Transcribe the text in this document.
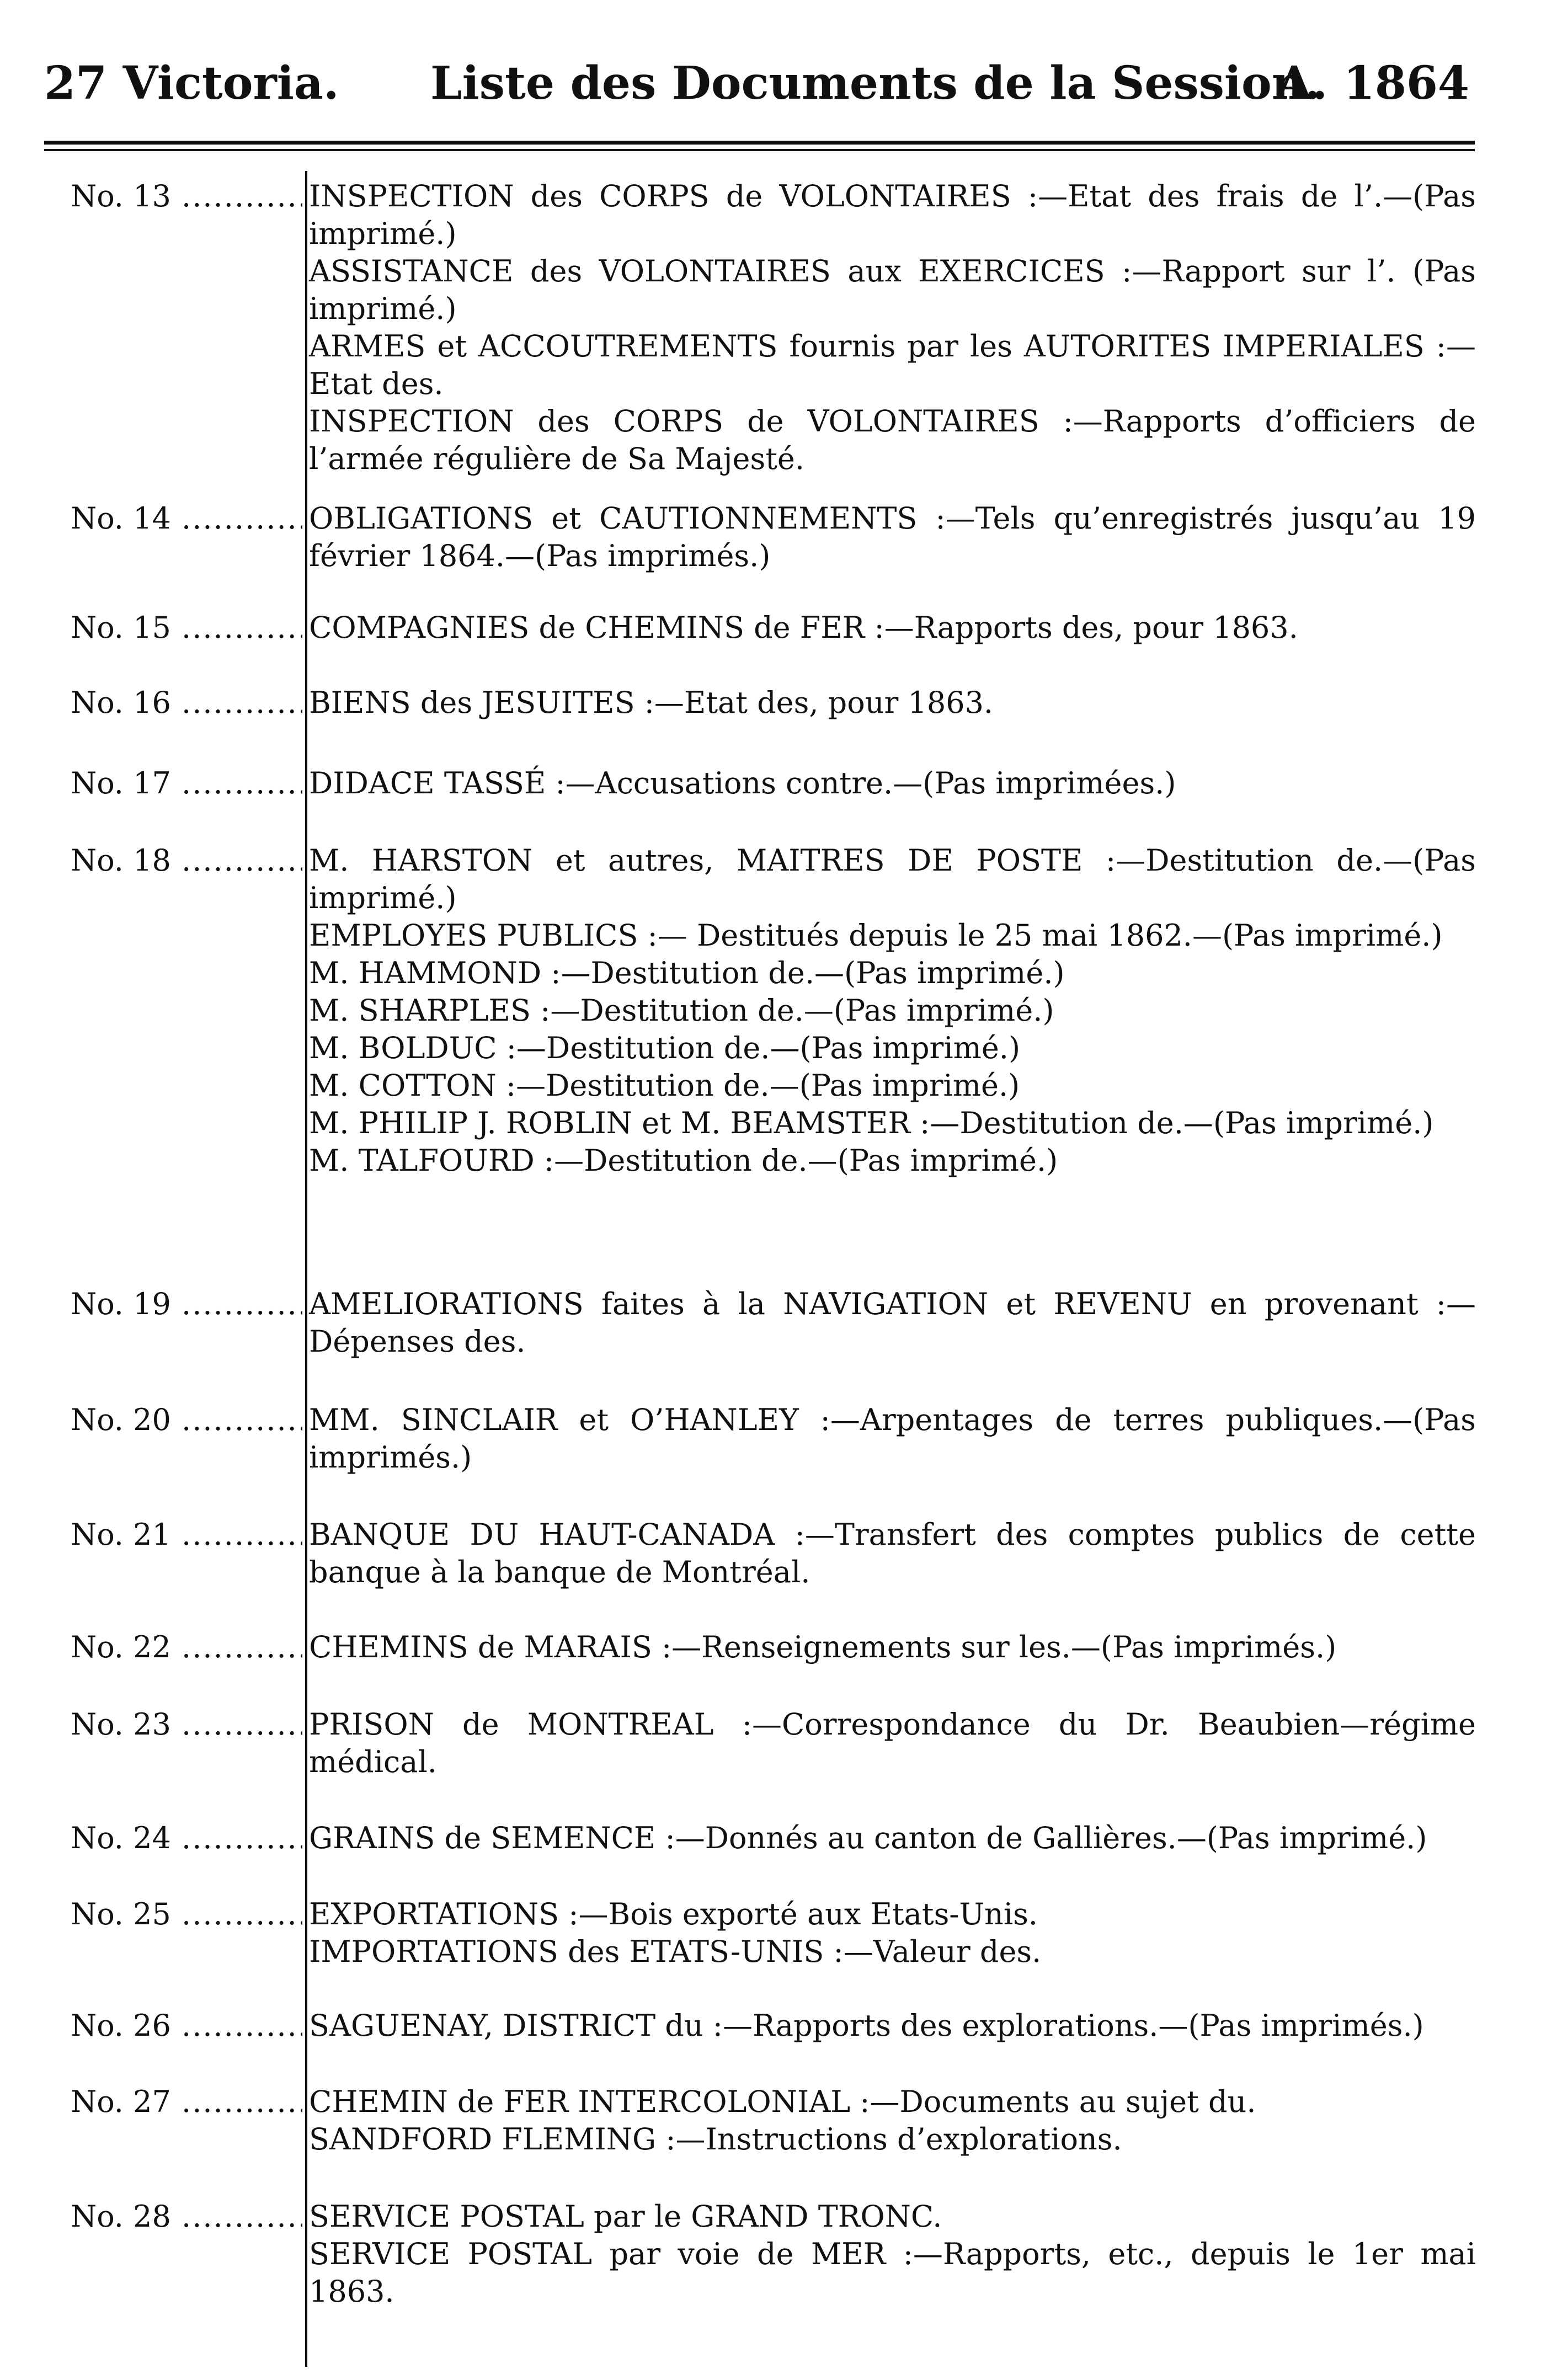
27 Victoria. Liste des Documents de la Session.
A. 1864
No. 13 .....	INSPECTION des CORPS de VOLONTAIRES :—Etat des frais de l’.—(Pas imprimé.)

ASSISTANCE des VOLONTAIRES aux EXERCICES :—Rapport sur l’. (Pas imprimé.)

ARMES et ACCOUTREMENTS fournis par les AUTORITES IMPERIALES :—Etat des.

INSPECTION des CORPS de VOLONTAIRES :—Rapports d’officiers de l’armée régulière de Sa Majesté.

No. 14 .....	OBLIGATIONS et CAUTIONNEMENTS :—Tels qu’enregistrés jusqu’au 19 février 1864.—(Pas imprimés.)

No. 15 .....	COMPAGNIES de CHEMINS de FER :—Rapports des, pour 1863.

No. 16 .....	BIENS des JESUITES :—Etat des, pour 1863.

No. 17 .....	DIDACE TASSÉ :—Accusations contre.—(Pas imprimées.)

No. 18 .....	M. HARSTON et autres, MAITRES DE POSTE :—Destitution de.—(Pas imprimé.)

EMPLOYES PUBLICS :— Destitués depuis le 25 mai 1862.—(Pas imprimé.)

M. HAMMOND :—Destitution de.—(Pas imprimé.)

M. SHARPLES :—Destitution de.—(Pas imprimé.)

M. BOLDUC :—Destitution de.—(Pas imprimé.)

M. COTTON :—Destitution de.—(Pas imprimé.)

M. PHILIP J. ROBLIN et M. BEAMSTER :—Destitution de.—(Pas imprimé.)

M. TALFOURD :—Destitution de.—(Pas imprimé.)

No. 19 .....	AMELIORATIONS faites à la NAVIGATION et REVENU en provenant :—Dépenses des.

No. 20 .....	MM. SINCLAIR et O’HANLEY :—Arpentages de terres publiques.—(Pas imprimés.)

No. 21 .....	BANQUE DU HAUT-CANADA :—Transfert des comptes publics de cette banque à la banque de Montréal.

No. 22 .....	CHEMINS de MARAIS :—Renseignements sur les.—(Pas imprimés.)

No. 23 .....	PRISON de MONTREAL :—Correspondance du Dr. Beaubien—régime médical.

No. 24 .....	GRAINS de SEMENCE :—Donnés au canton de Gallières.—(Pas imprimé.)

No. 25 .....	EXPORTATIONS :—Bois exporté aux Etats-Unis.

IMPORTATIONS des ETATS-UNIS :—Valeur des.

No. 26 .....	SAGUENAY, DISTRICT du :—Rapports des explorations.—(Pas imprimés.)

No. 27 .....	CHEMIN de FER INTERCOLONIAL :—Documents au sujet du.

SANDFORD FLEMING :—Instructions d’explorations.

No. 28 .....	SERVICE POSTAL par le GRAND TRONC.

SERVICE POSTAL par voie de MER :—Rapports, etc., depuis le 1er mai 1863.
